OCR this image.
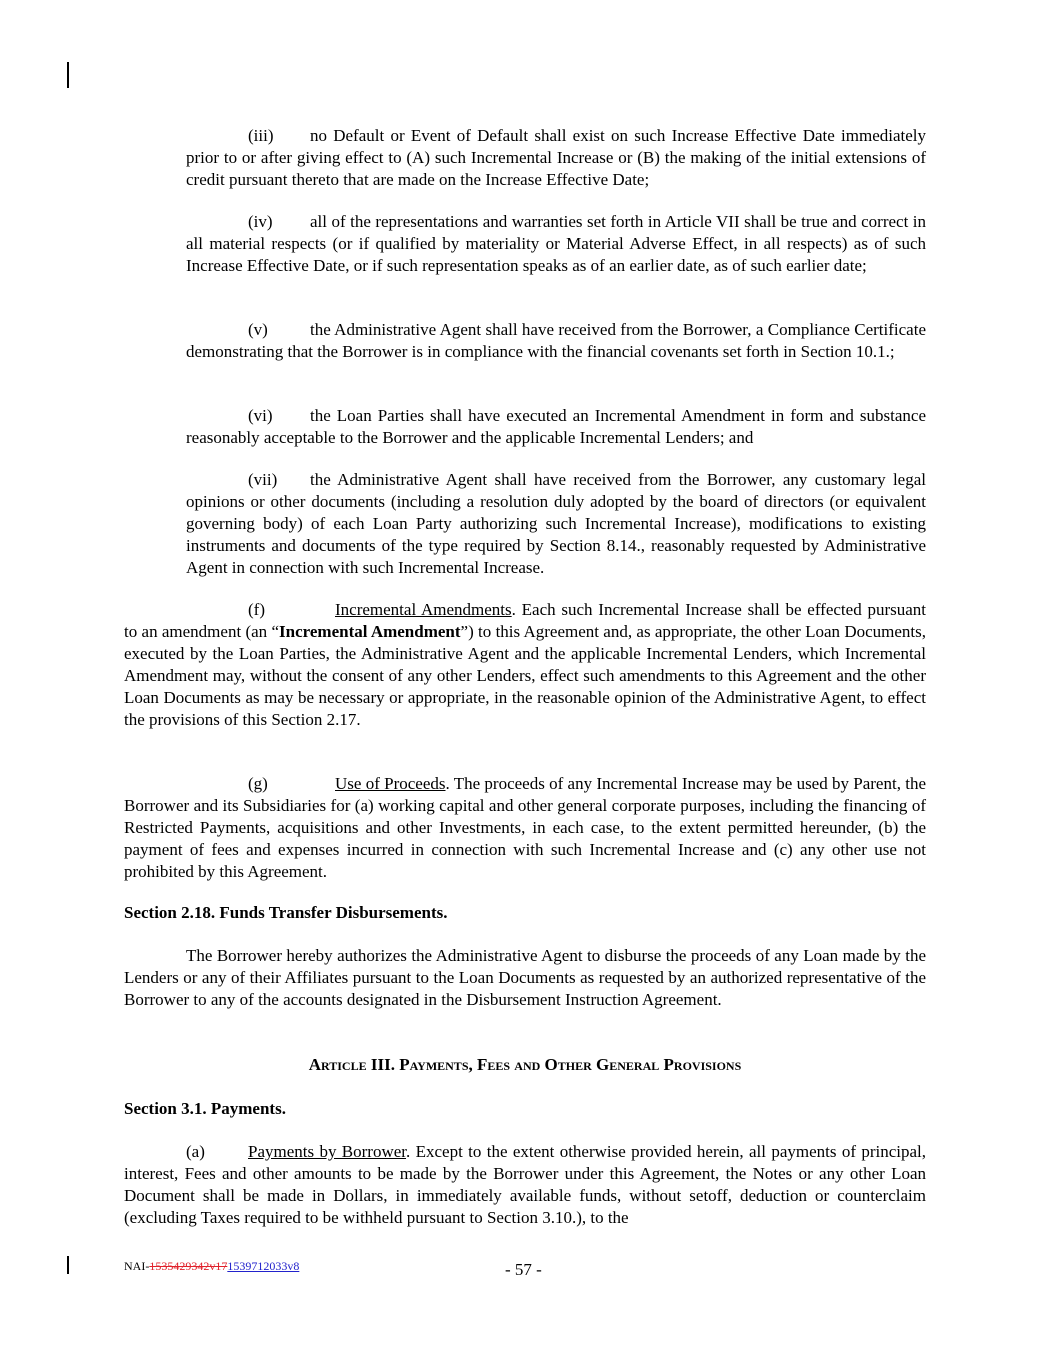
(iii) no Default or Event of Default shall exist on such Increase Effective Date immediately prior to or after giving effect to (A) such Incremental Increase or (B) the making of the initial extensions of credit pursuant thereto that are made on the Increase Effective Date;
(iv) all of the representations and warranties set forth in Article VII shall be true and correct in all material respects (or if qualified by materiality or Material Adverse Effect, in all respects) as of such Increase Effective Date, or if such representation speaks as of an earlier date, as of such earlier date;
(v) the Administrative Agent shall have received from the Borrower, a Compliance Certificate demonstrating that the Borrower is in compliance with the financial covenants set forth in Section 10.1.;
(vi) the Loan Parties shall have executed an Incremental Amendment in form and substance reasonably acceptable to the Borrower and the applicable Incremental Lenders; and
(vii) the Administrative Agent shall have received from the Borrower, any customary legal opinions or other documents (including a resolution duly adopted by the board of directors (or equivalent governing body) of each Loan Party authorizing such Incremental Increase), modifications to existing instruments and documents of the type required by Section 8.14., reasonably requested by Administrative Agent in connection with such Incremental Increase.
(f)	Incremental Amendments. Each such Incremental Increase shall be effected pursuant to an amendment (an “Incremental Amendment”) to this Agreement and, as appropriate, the other Loan Documents, executed by the Loan Parties, the Administrative Agent and the applicable Incremental Lenders, which Incremental Amendment may, without the consent of any other Lenders, effect such amendments to this Agreement and the other Loan Documents as may be necessary or appropriate, in the reasonable opinion of the Administrative Agent, to effect the provisions of this Section 2.17.
(g)	Use of Proceeds. The proceeds of any Incremental Increase may be used by Parent, the Borrower and its Subsidiaries for (a) working capital and other general corporate purposes, including the financing of Restricted Payments, acquisitions and other Investments, in each case, to the extent permitted hereunder, (b) the payment of fees and expenses incurred in connection with such Incremental Increase and (c) any other use not prohibited by this Agreement.
Section 2.18. Funds Transfer Disbursements.
The Borrower hereby authorizes the Administrative Agent to disburse the proceeds of any Loan made by the Lenders or any of their Affiliates pursuant to the Loan Documents as requested by an authorized representative of the Borrower to any of the accounts designated in the Disbursement Instruction Agreement.
Article III. Payments, Fees and Other General Provisions
Section 3.1. Payments.
(a)	Payments by Borrower. Except to the extent otherwise provided herein, all payments of principal, interest, Fees and other amounts to be made by the Borrower under this Agreement, the Notes or any other Loan Document shall be made in Dollars, in immediately available funds, without setoff, deduction or counterclaim (excluding Taxes required to be withheld pursuant to Section 3.10.), to the
NAI-1535429342v171539712033v8	- 57 -
